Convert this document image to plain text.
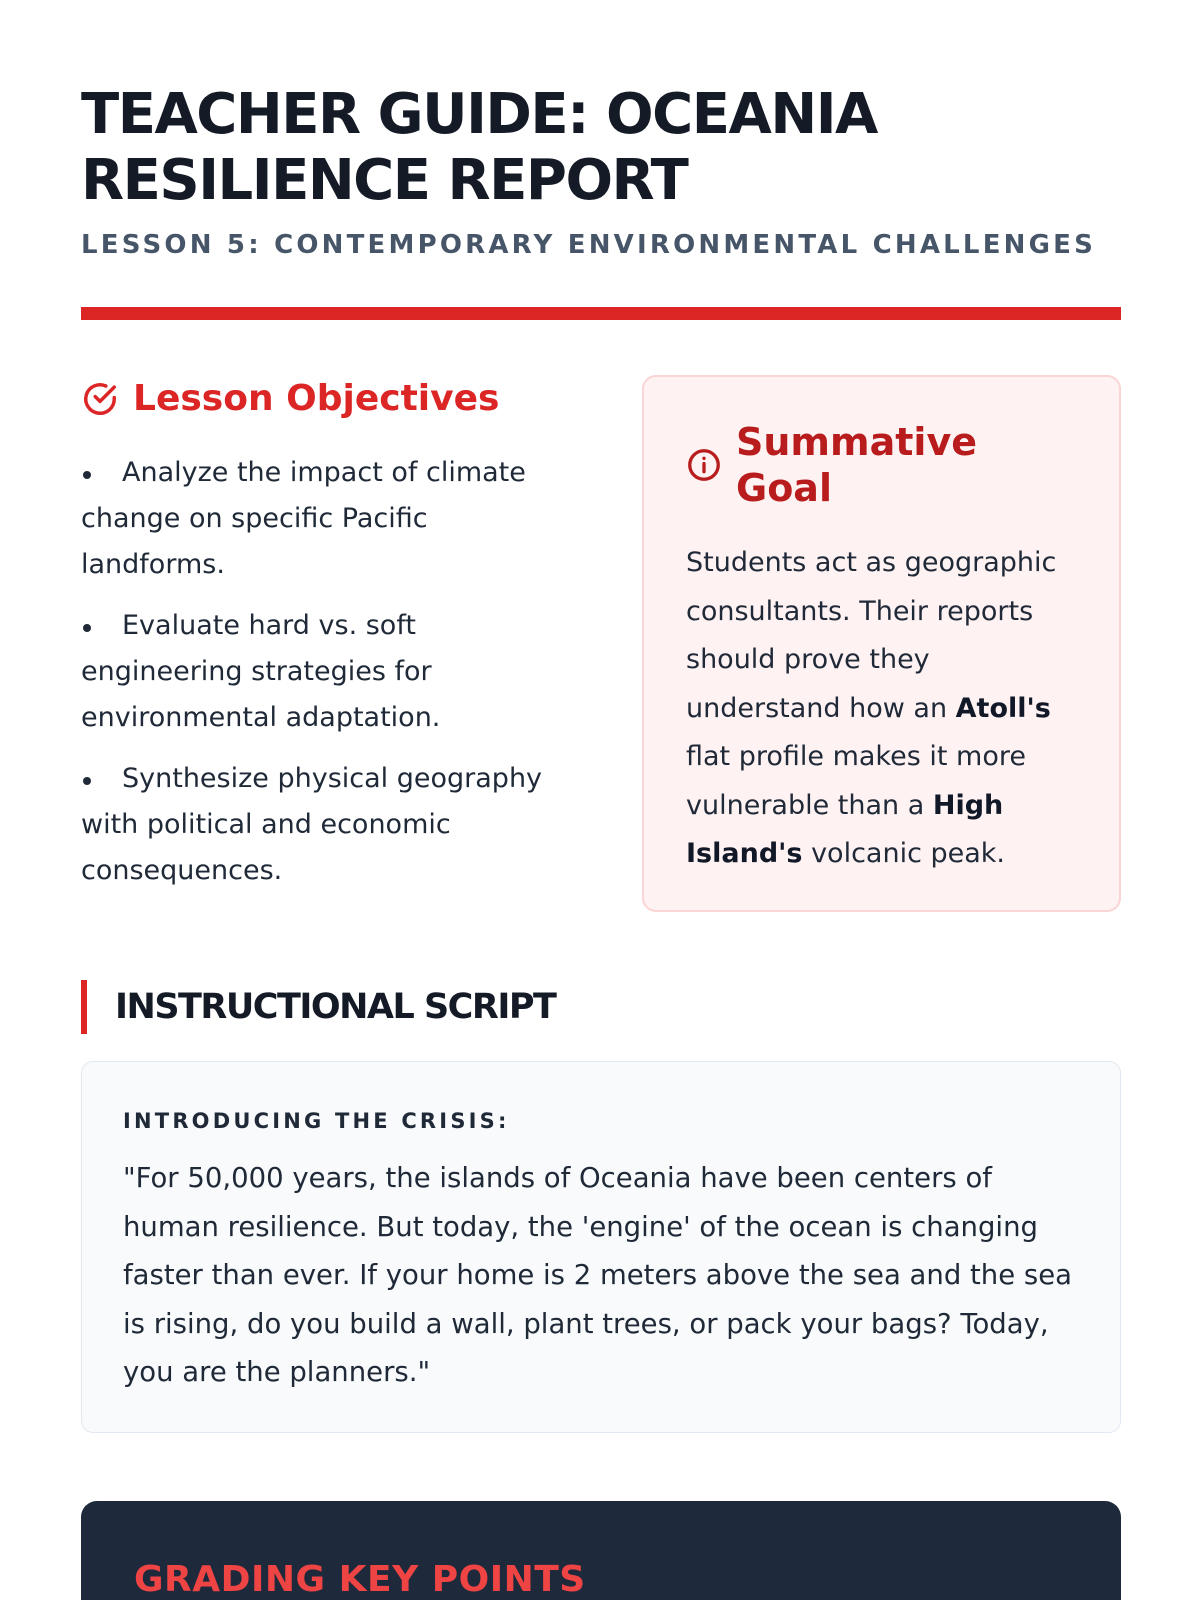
TEACHER GUIDE: OCEANIA RESILIENCE REPORT
LESSON 5: CONTEMPORARY ENVIRONMENTAL CHALLENGES
Lesson Objectives
Analyze the impact of climate change on specific Pacific landforms.
Evaluate hard vs. soft engineering strategies for environmental adaptation.
Synthesize physical geography with political and economic consequences.
Summative Goal

Students act as geographic consultants. Their reports should prove they understand how an Atoll's flat profile makes it more vulnerable than a High Island's volcanic peak.

INSTRUCTIONAL SCRIPT
INTRODUCING THE CRISIS:

"For 50,000 years, the islands of Oceania have been centers of human resilience. But today, the 'engine' of the ocean is changing faster than ever. If your home is 2 meters above the sea and the sea is rising, do you build a wall, plant trees, or pack your bags? Today, you are the planners."

GRADING KEY POINTS
